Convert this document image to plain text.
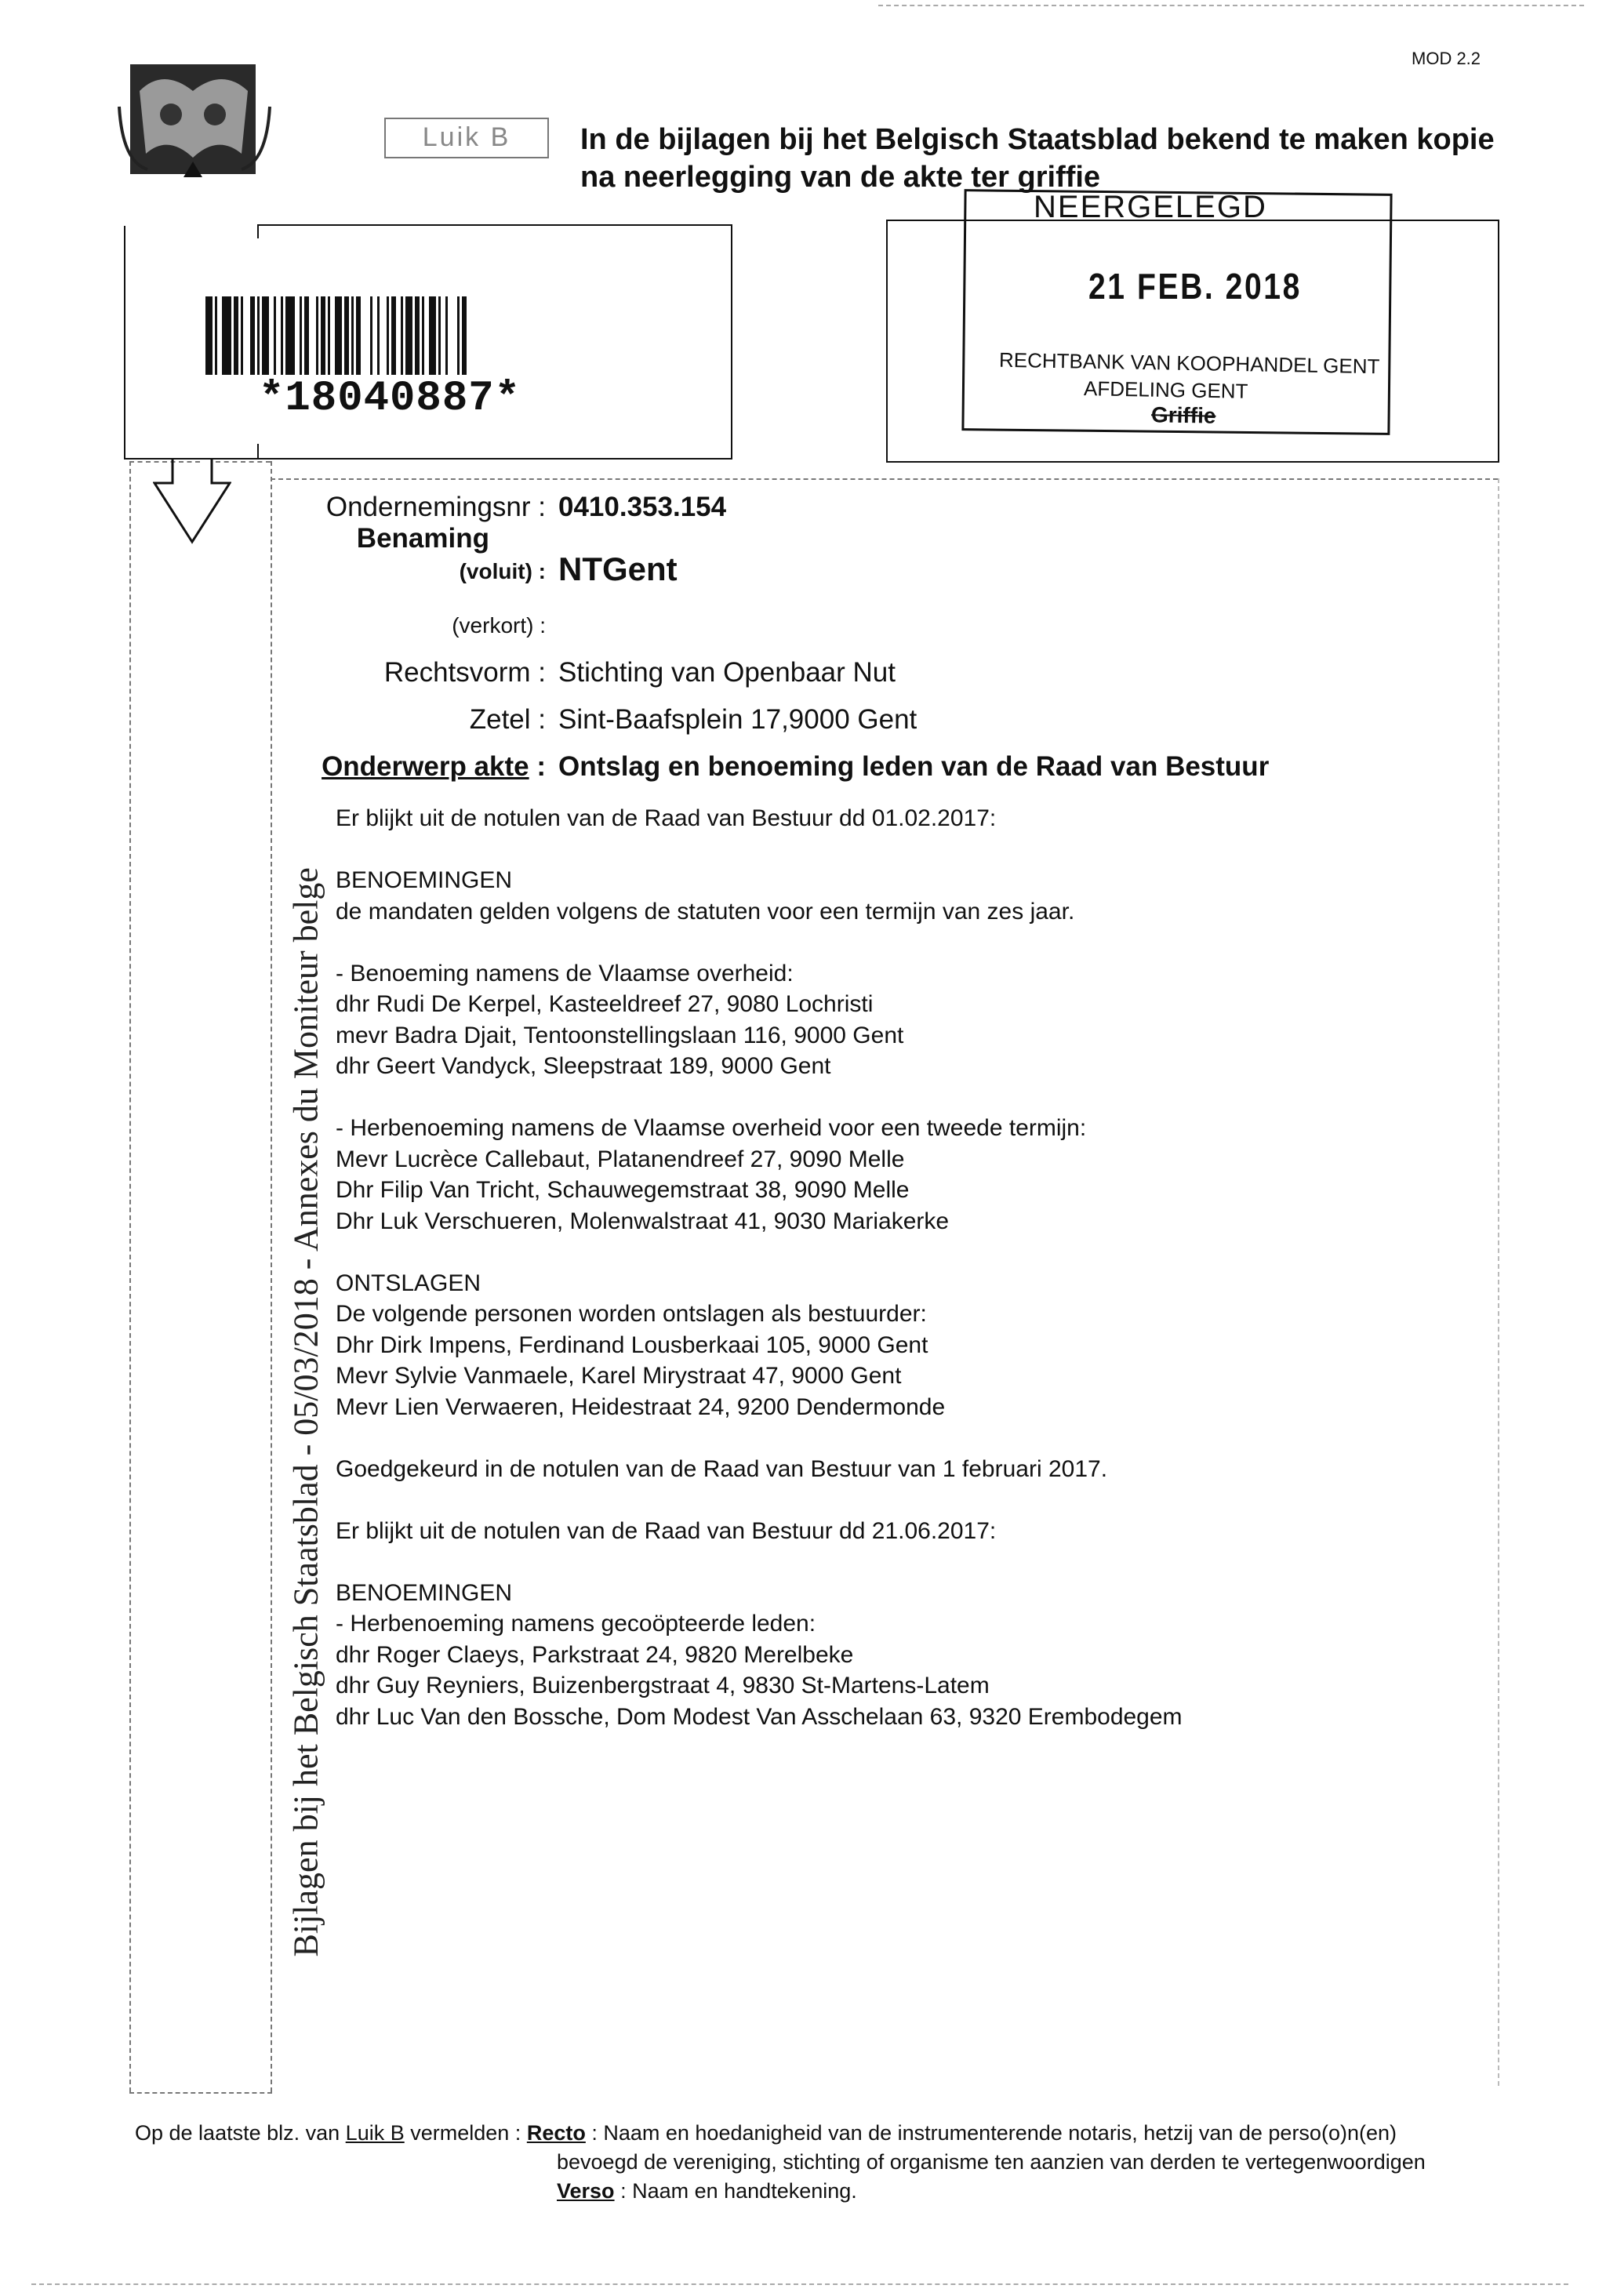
MOD 2.2
Luik B	In de bijlagen bij het Belgisch Staatsblad bekend te maken kopie
na neerlegging van de akte ter griffie
*18040887*
NEERGELEGD
21 FEB. 2018
RECHTBANK VAN KOOPHANDEL GENT
AFDELING GENT
Griffie
Bijlagen bij het Belgisch Staatsblad - 05/03/2018 - Annexes du Moniteur belge
Ondernemingsnr : 0410.353.154
Benaming
(voluit) : NTGent
(verkort) :
Rechtsvorm : Stichting van Openbaar Nut
Zetel : Sint-Baafsplein 17,9000 Gent
Onderwerp akte : Ontslag en benoeming leden van de Raad van Bestuur
Er blijkt uit de notulen van de Raad van Bestuur dd 01.02.2017:
BENOEMINGEN
de mandaten gelden volgens de statuten voor een termijn van zes jaar.
- Benoeming namens de Vlaamse overheid:
dhr Rudi De Kerpel, Kasteeldreef 27, 9080 Lochristi
mevr Badra Djait, Tentoonstellingslaan 116, 9000 Gent
dhr Geert Vandyck, Sleepstraat 189, 9000 Gent
- Herbenoeming namens de Vlaamse overheid voor een tweede termijn:
Mevr Lucrèce Callebaut, Platanendreef 27, 9090 Melle
Dhr Filip Van Tricht, Schauwegemstraat 38, 9090 Melle
Dhr Luk Verschueren, Molenwalstraat 41, 9030 Mariakerke
ONTSLAGEN
De volgende personen worden ontslagen als bestuurder:
Dhr Dirk Impens, Ferdinand Lousberkaai 105, 9000 Gent
Mevr Sylvie Vanmaele, Karel Mirystraat 47, 9000 Gent
Mevr Lien Verwaeren, Heidestraat 24, 9200 Dendermonde
Goedgekeurd in de notulen van de Raad van Bestuur van 1 februari 2017.
Er blijkt uit de notulen van de Raad van Bestuur dd 21.06.2017:
BENOEMINGEN
- Herbenoeming namens gecoöpteerde leden:
dhr Roger Claeys, Parkstraat 24, 9820 Merelbeke
dhr Guy Reyniers, Buizenbergstraat 4, 9830 St-Martens-Latem
dhr Luc Van den Bossche, Dom Modest Van Asschelaan 63, 9320 Erembodegem
Op de laatste blz. van Luik B vermelden : Recto : Naam en hoedanigheid van de instrumenterende notaris, hetzij van de perso(o)n(en)
bevoegd de vereniging, stichting of organisme ten aanzien van derden te vertegenwoordigen
Verso : Naam en handtekening.
